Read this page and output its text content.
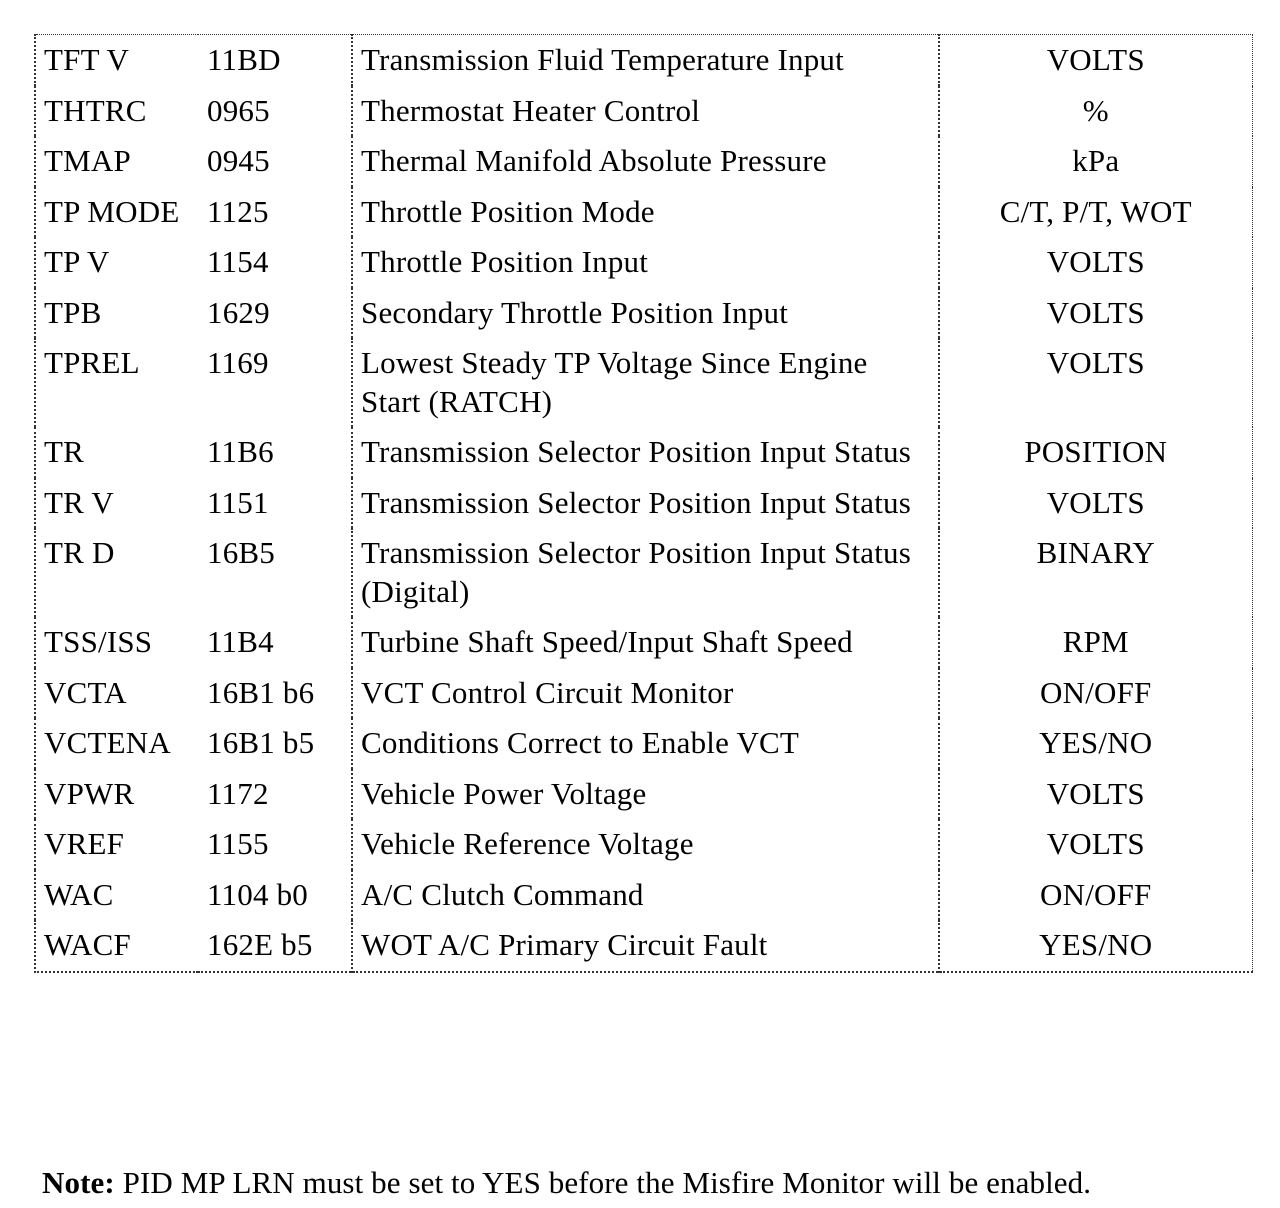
TFT V	11BD	Transmission Fluid Temperature Input	VOLTS
THTRC	0965	Thermostat Heater Control	%
TMAP	0945	Thermal Manifold Absolute Pressure	kPa
TP MODE	1125	Throttle Position Mode	C/T, P/T, WOT
TP V	1154	Throttle Position Input	VOLTS
TPB	1629	Secondary Throttle Position Input	VOLTS
TPREL	1169	Lowest Steady TP Voltage Since Engine Start (RATCH)	VOLTS
TR	11B6	Transmission Selector Position Input Status	POSITION
TR V	1151	Transmission Selector Position Input Status	VOLTS
TR D	16B5	Transmission Selector Position Input Status (Digital)	BINARY
TSS/ISS	11B4	Turbine Shaft Speed/Input Shaft Speed	RPM
VCTA	16B1 b6	VCT Control Circuit Monitor	ON/OFF
VCTENA	16B1 b5	Conditions Correct to Enable VCT	YES/NO
VPWR	1172	Vehicle Power Voltage	VOLTS
VREF	1155	Vehicle Reference Voltage	VOLTS
WAC	1104 b0	A/C Clutch Command	ON/OFF
WACF	162E b5	WOT A/C Primary Circuit Fault	YES/NO

Note: PID MP LRN must be set to YES before the Misfire Monitor will be enabled.
